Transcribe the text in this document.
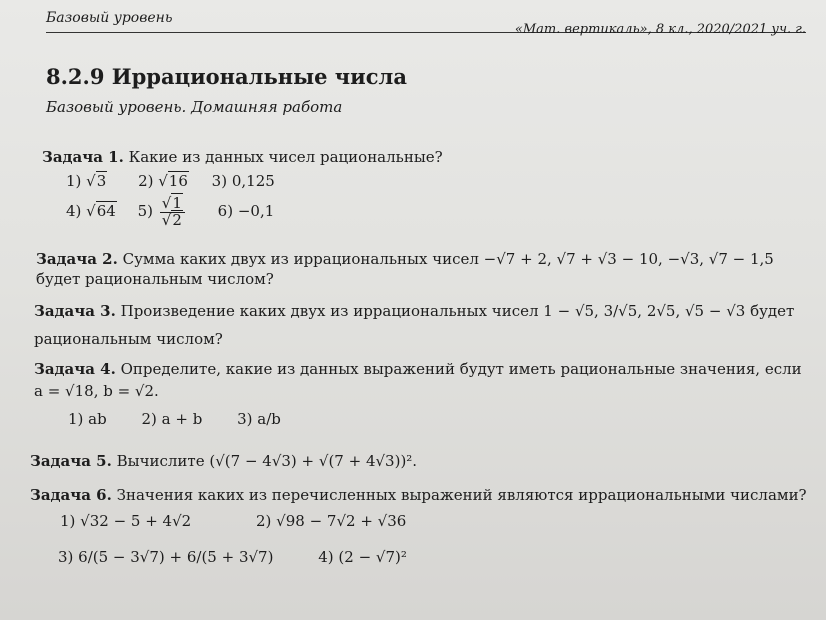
Базовый уровень
«Мат. вертикаль», 8 кл., 2020/2021 уч. г.
8.2.9 Иррациональные числа
Базовый уровень. Домашняя работа
Задача 1. Какие из данных чисел рациональные?
1) √3 2) √16 3) 0,125
4) √64 $5) \frac{√1}{√2} 6) -0,1$
Задача 2. Сумма каких двух из иррациональных чисел −√7 + 2, √7 + √3 − 10, −√3, √7 − 1,5
будет рациональным числом?
Задача 3. Произведение каких двух из иррациональных чисел 1 − √5, 3/√5, 2√5, √5 − √3 будет
рациональным числом?
Задача 4. Определите, какие из данных выражений будут иметь рациональные значения, если
a = √18, b = √2.
1) ab 2) a + b 3) a/b
Задача 5. Вычислите (√(7 − 4√3) + √(7 + 4√3))².
Задача 6. Значения каких из перечисленных выражений являются иррациональными числами?
1) √32 − 5 + 4√2	2) √98 − 7√2 + √36
3) 6/(5 − 3√7) + 6/(5 + 3√7)	4) (2 − √7)²
